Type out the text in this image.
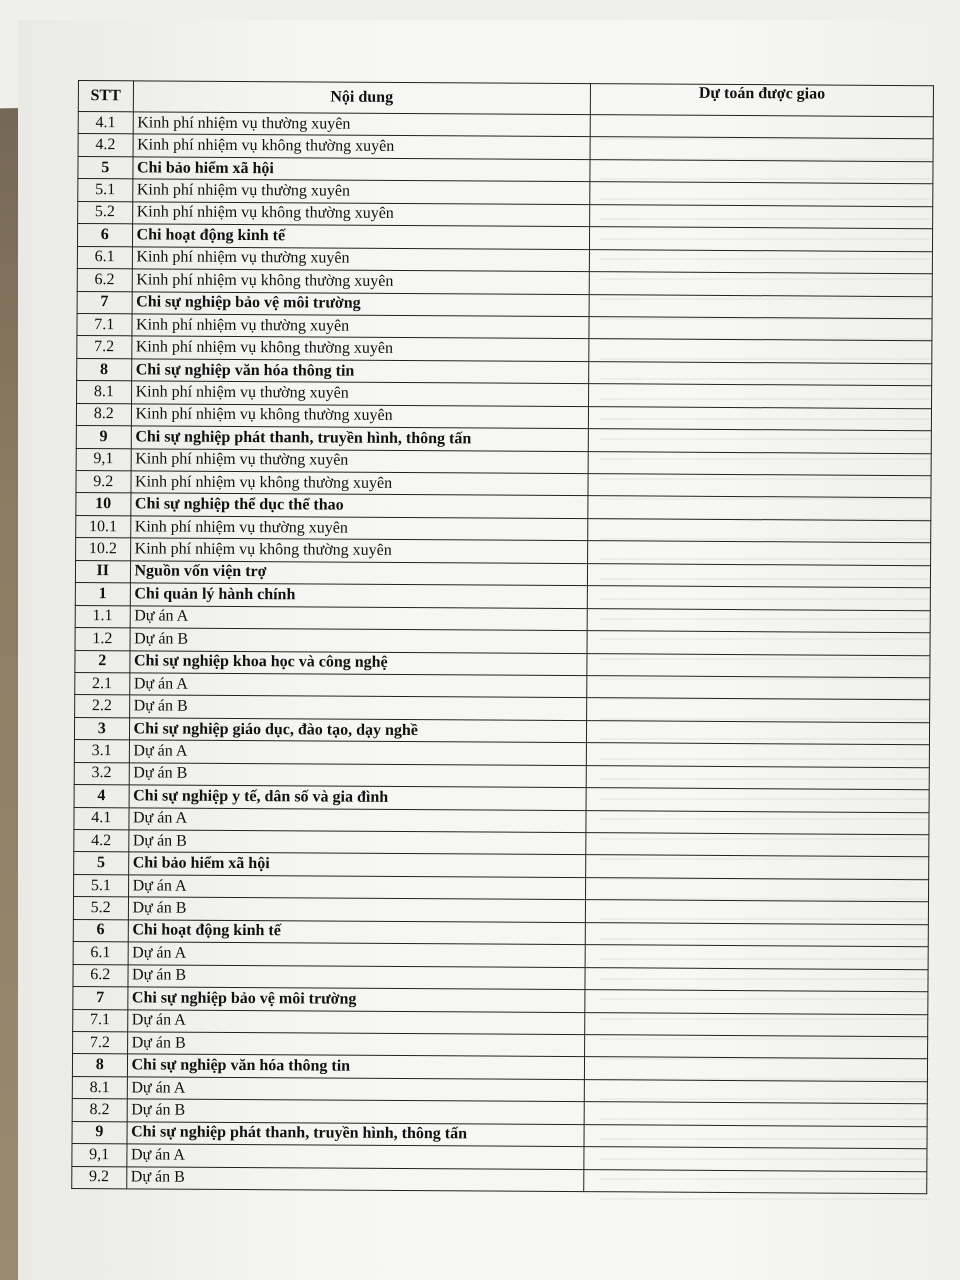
STT	Nội dung	Dự toán được giao
4.1	Kinh phí nhiệm vụ thường xuyên	
4.2	Kinh phí nhiệm vụ không thường xuyên	
5	Chi bảo hiểm xã hội	
5.1	Kinh phí nhiệm vụ thường xuyên	
5.2	Kinh phí nhiệm vụ không thường xuyên	
6	Chi hoạt động kinh tế	
6.1	Kinh phí nhiệm vụ thường xuyên	
6.2	Kinh phí nhiệm vụ không thường xuyên	
7	Chi sự nghiệp bảo vệ môi trường	
7.1	Kinh phí nhiệm vụ thường xuyên	
7.2	Kinh phí nhiệm vụ không thường xuyên	
8	Chi sự nghiệp văn hóa thông tin	
8.1	Kinh phí nhiệm vụ thường xuyên	
8.2	Kinh phí nhiệm vụ không thường xuyên	
9	Chi sự nghiệp phát thanh, truyền hình, thông tấn	
9,1	Kinh phí nhiệm vụ thường xuyên	
9.2	Kinh phí nhiệm vụ không thường xuyên	
10	Chi sự nghiệp thể dục thể thao	
10.1	Kinh phí nhiệm vụ thường xuyên	
10.2	Kinh phí nhiệm vụ không thường xuyên	
II	Nguồn vốn viện trợ	
1	Chi quản lý hành chính	
1.1	Dự án A	
1.2	Dự án B	
2	Chi sự nghiệp khoa học và công nghệ	
2.1	Dự án A	
2.2	Dự án B	
3	Chi sự nghiệp giáo dục, đào tạo, dạy nghề	
3.1	Dự án A	
3.2	Dự án B	
4	Chi sự nghiệp y tế, dân số và gia đình	
4.1	Dự án A	
4.2	Dự án B	
5	Chi bảo hiểm xã hội	
5.1	Dự án A	
5.2	Dự án B	
6	Chi hoạt động kinh tế	
6.1	Dự án A	
6.2	Dự án B	
7	Chi sự nghiệp bảo vệ môi trường	
7.1	Dự án A	
7.2	Dự án B	
8	Chi sự nghiệp văn hóa thông tin	
8.1	Dự án A	
8.2	Dự án B	
9	Chi sự nghiệp phát thanh, truyền hình, thông tấn	
9,1	Dự án A	
9.2	Dự án B	
